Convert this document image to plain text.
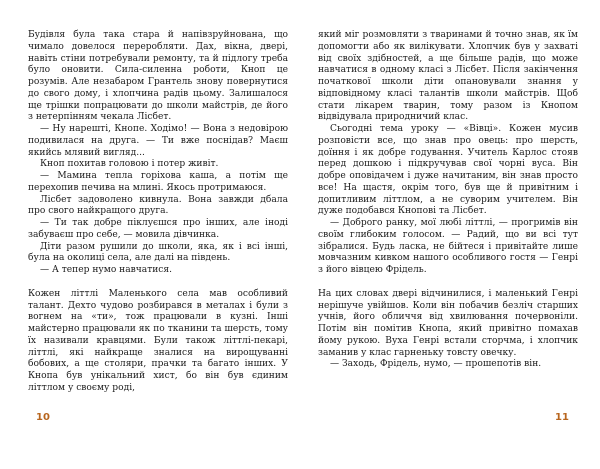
Будівля була така стара й напівзруйнована, що чимало довелося переробляти. Дах, вікна, двері, навіть стіни потребували ремонту, та й підлогу треба було оновити. Сила-силенна роботи, Кноп це розумів. Але незабаром Грантель знову повернутися до свого дому, і хлопчина радів цьому. Залишалося ще трішки попрацювати до школи майстрів, де його з нетерпінням чекала Лісбет.

— Ну нарешті, Кнопе. Ходімо! — Вона з недовірою подивилася на друга. — Ти вже поснідав? Маєш якийсь млявий вигляд...

Кноп похитав головою і потер живіт.

— Мамина тепла горіхова каша, а потім ще перехопив печива на млині. Якось протримаюся.

Лісбет задоволено кивнула. Вона завжди дбала про свого найкращого друга.

— Ти так добре піклуєшся про інших, але іноді забуваєш про себе, — мовила дівчинка.

Діти разом рушили до школи, яка, як і всі інші, була на околиці села, але далі на південь.

— А тепер нумо навчатися.

Кожен літтлі Маленького села мав особливий талант. Дехто чудово розбирався в металах і були з вогнем на «ти», тож працювали в кузні. Інші майстерно працювали як по тканини та шерсть, тому їх називали кравцями. Були також літтлі-пекарі, літтлі, які найкраще зналися на вирощуванні бобових, а ще столяри, прачки та багато інших. У Кнопа був унікальний хист, бо він був єдиним літтлом у своєму роді,

який міг розмовляти з тваринами й точно знав, як їм допомогти або як вилікувати. Хлопчик був у захваті від своїх здібностей, а ще більше радів, що може навчатися в одному класі з Лісбет. Після закінчення початкової школи діти опановували знання у відповідному класі талантів школи майстрів. Щоб стати лікарем тварин, тому разом із Кнопом відвідувала природничий клас.

Сьогодні тема уроку — «Вівці». Кожен мусив розповісти все, що знав про овець: про шерсть, доїння і як добре годування. Учитель Карлос стояв перед дошкою і підкручував свої чорні вуса. Він добре оповідачем і дуже начитаним, він знав просто все! На щастя, окрім того, був ще й привітним і допитливим літтлом, а не суворим учителем. Він дуже подобався Кнопові та Лісбет.

— Доброго ранку, мої любі літтлі, — прогримів він своїм глибоким голосом. — Радий, що ви всі тут зібралися. Будь ласка, не бійтеся і привітайте лише мовчазним кивком нашого особливого гостя — Генрі з його вівцею Фрідель.

На цих словах двері відчинилися, і маленький Генрі нерішуче увійшов. Коли він побачив безліч старших учнів, його обличчя від хвилювання почервоніли. Потім він помітив Кнопа, який привітно помахав йому рукою. Вуха Генрі встали сторчма, і хлопчик заманив у клас гарненьку товсту овечку.

— Заходь, Фрідель, нумо, — прошепотів він.

10	11
